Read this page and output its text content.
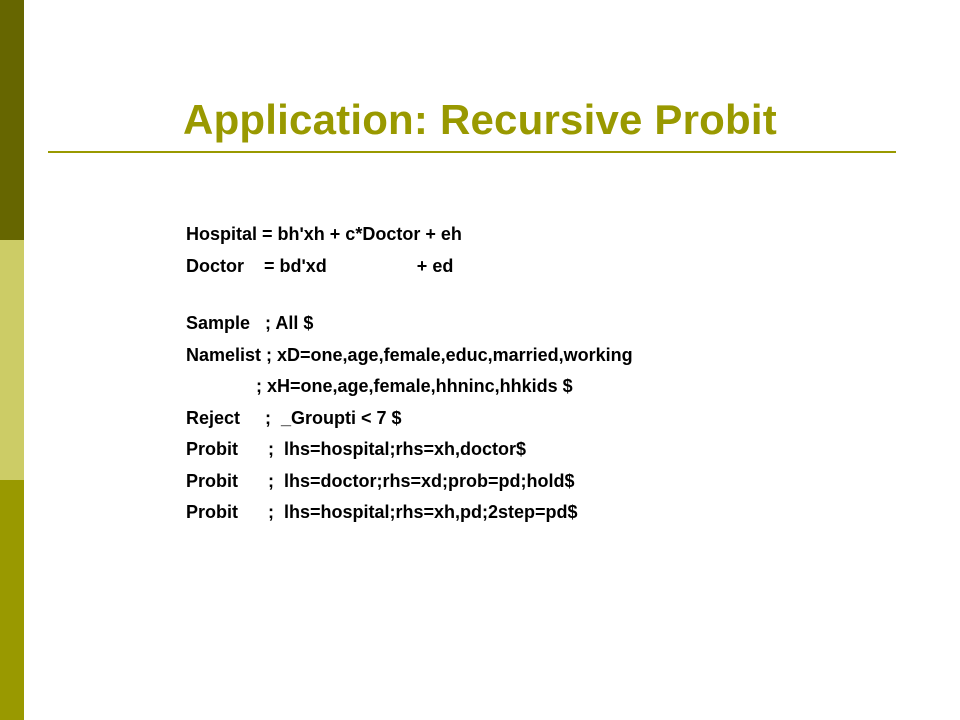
Application: Recursive Probit
Hospital = bhʹxh + c*Doctor + eh
Doctor    = bdʹxd                  + ed
Sample   ; All $
Namelist ; xD=one,age,female,educ,married,working
; xH=one,age,female,hhninc,hhkids $
Reject     ;  _Groupti < 7 $
Probit      ;  lhs=hospital;rhs=xh,doctor$
Probit      ;  lhs=doctor;rhs=xd;prob=pd;hold$
Probit      ;  lhs=hospital;rhs=xh,pd;2step=pd$
